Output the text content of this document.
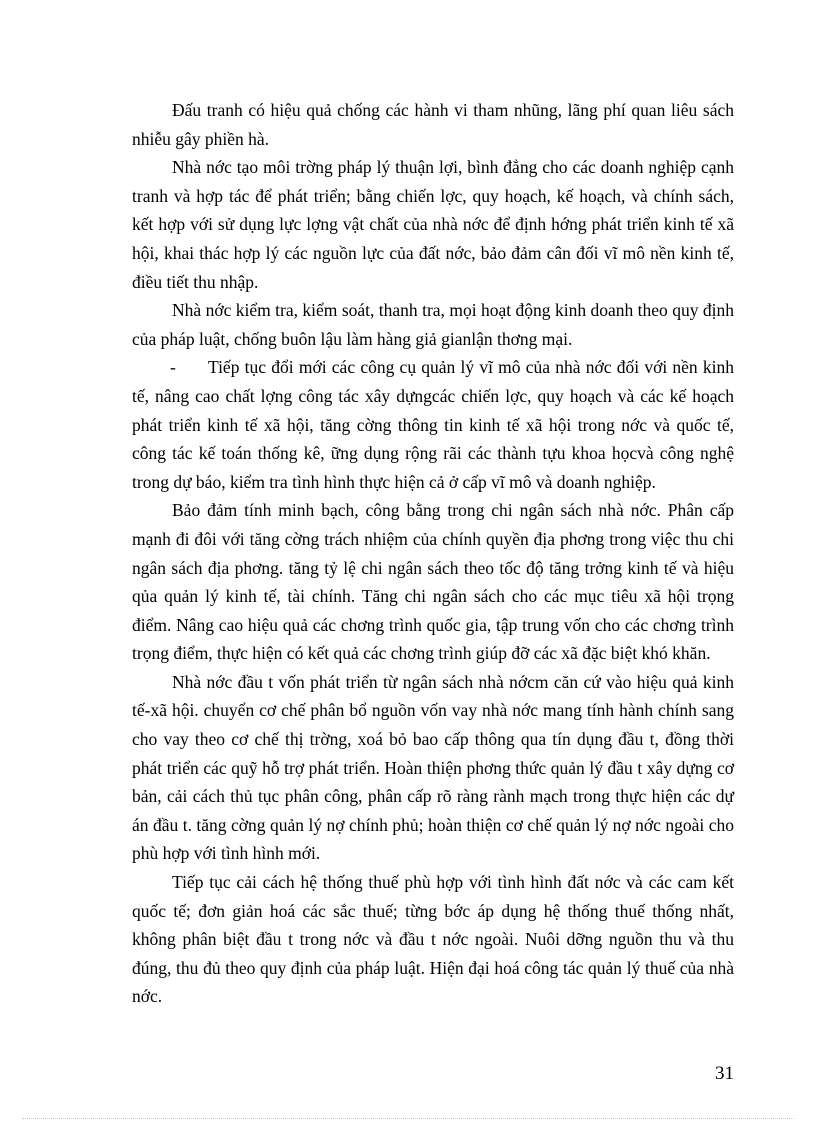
Đấu tranh có hiệu quả chống các hành vi tham nhũng, lãng phí quan liêu sách nhiễu gây phiền hà.

Nhà nớc tạo môi trờng pháp lý thuận lợi, bình đẳng cho các doanh nghiệp cạnh tranh và hợp tác để phát triển; bằng chiến lợc, quy hoạch, kế hoạch, và chính sách, kết hợp với sử dụng lực lợng vật chất của nhà nớc để định hớng phát triển kinh tế xã hội, khai thác hợp lý các nguồn lực của đất nớc, bảo đảm cân đối vĩ mô nền kinh tế, điều tiết thu nhập.

Nhà nớc kiểm tra, kiểm soát, thanh tra, mọi hoạt động kinh doanh theo quy định của pháp luật, chống buôn lậu làm hàng giả gianlận thơng mại.

- Tiếp tục đổi mới các công cụ quản lý vĩ mô của nhà nớc đối với nền kinh tế, nâng cao chất lợng công tác xây dựngcác chiến lợc, quy hoạch và các kế hoạch phát triển kinh tế xã hội, tăng cờng thông tin kinh tế xã hội trong nớc và quốc tế, công tác kế toán thống kê, ững dụng rộng rãi các thành tựu khoa họcvà công nghệ trong dự báo, kiểm tra tình hình thực hiện cả ở cấp vĩ mô và doanh nghiệp.

Bảo đảm tính minh bạch, công bằng trong chi ngân sách nhà nớc. Phân cấp mạnh đi đôi với tăng cờng trách nhiệm của chính quyền địa phơng trong việc thu chi ngân sách địa phơng. tăng tỷ lệ chi ngân sách theo tốc độ tăng trởng kinh tế và hiệu qủa quản lý kinh tế, tài chính. Tăng chi ngân sách cho các mục tiêu xã hội trọng điểm. Nâng cao hiệu quả các chơng trình quốc gia, tập trung vốn cho các chơng trình trọng điểm, thực hiện có kết quả các chơng trình giúp đỡ các xã đặc biệt khó khăn.

Nhà nớc đầu t vốn phát triển từ ngân sách nhà nớcm căn cứ vào hiệu quả kinh tế-xã hội. chuyển cơ chế phân bổ nguồn vốn vay nhà nớc mang tính hành chính sang cho vay theo cơ chế thị trờng, xoá bỏ bao cấp thông qua tín dụng đầu t, đồng thời phát triển các quỹ hỗ trợ phát triển. Hoàn thiện phơng thức quản lý đầu t xây dựng cơ bản, cải cách thủ tục phân công, phân cấp rõ ràng rành mạch trong thực hiện các dự án đầu t. tăng cờng quản lý nợ chính phủ; hoàn thiện cơ chế quản lý nợ nớc ngoài cho phù hợp với tình hình mới.

Tiếp tục cải cách hệ thống thuế phù hợp với tình hình đất nớc và các cam kết quốc tế; đơn giản hoá các sắc thuế; từng bớc áp dụng hệ thống thuế thống nhất, không phân biệt đầu t trong nớc và đầu t nớc ngoài. Nuôi dỡng nguồn thu và thu đúng, thu đủ theo quy định của pháp luật. Hiện đại hoá công tác quản lý thuế của nhà nớc.

31
